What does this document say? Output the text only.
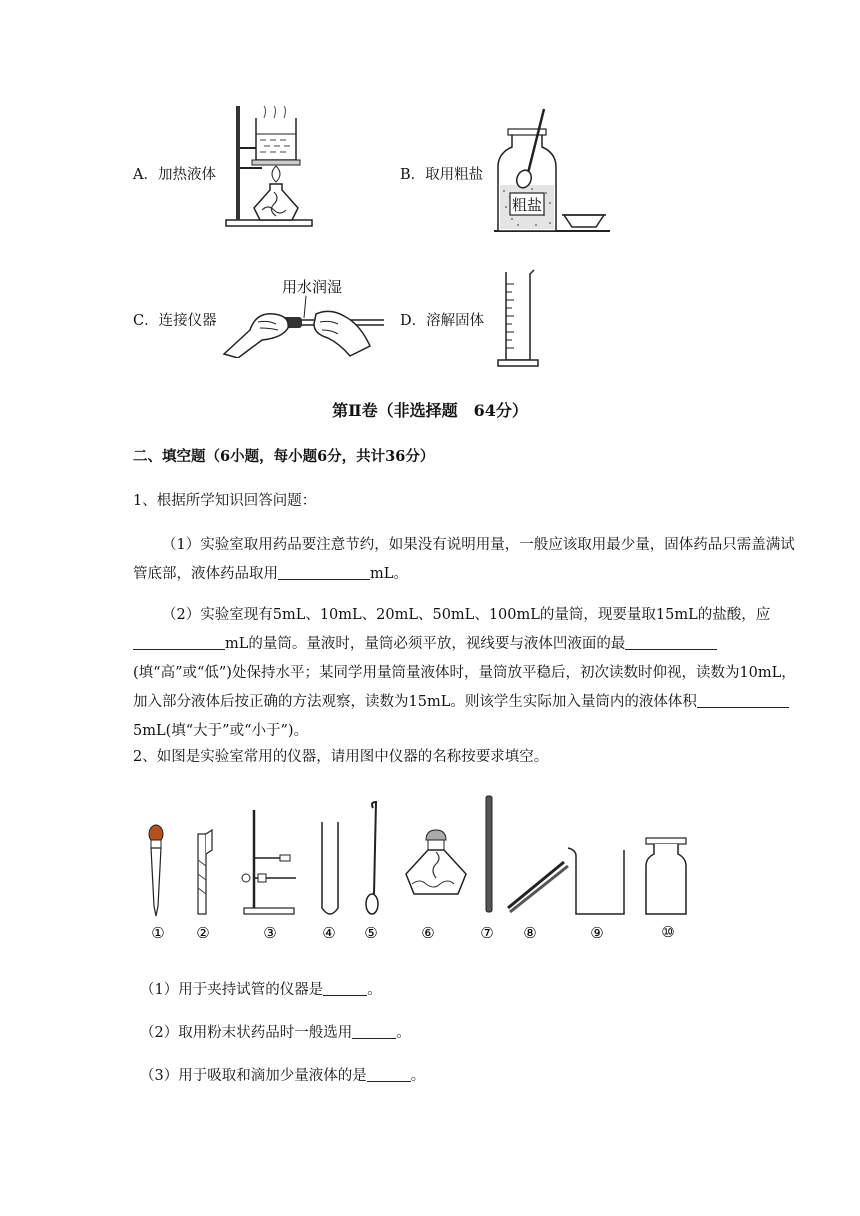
A．加热液体	B．取用粗盐
粗盐
C．连接仪器
用水润湿
D．溶解固体
第Ⅱ卷（非选择题　64分）
二、填空题（6小题，每小题6分，共计36分）
1、根据所学知识回答问题：
（1）实验室取用药品要注意节约，如果没有说明用量，一般应该取用最少量，固体药品只需盖满试管底部，液体药品取用	mL。
（2）实验室现有5mL、10mL、20mL、50mL、100mL的量筒，现要量取15mL的盐酸，应mL的量筒。量液时，量筒必须平放，视线要与液体凹液面的最(填“高”或“低”)处保持水平；某同学用量筒量液体时，量筒放平稳后，初次读数时仰视，读数为10mL，加入部分液体后按正确的方法观察，读数为15mL。则该学生实际加入量筒内的液体体积5mL(填“大于”或“小于”)。
2、如图是实验室常用的仪器，请用图中仪器的名称按要求填空。
① ②	③	④ ⑤	⑥	⑦ ⑧	⑨	⑩
（1）用于夹持试管的仪器是	。
（2）取用粉末状药品时一般选用	。
（3）用于吸取和滴加少量液体的是	。
